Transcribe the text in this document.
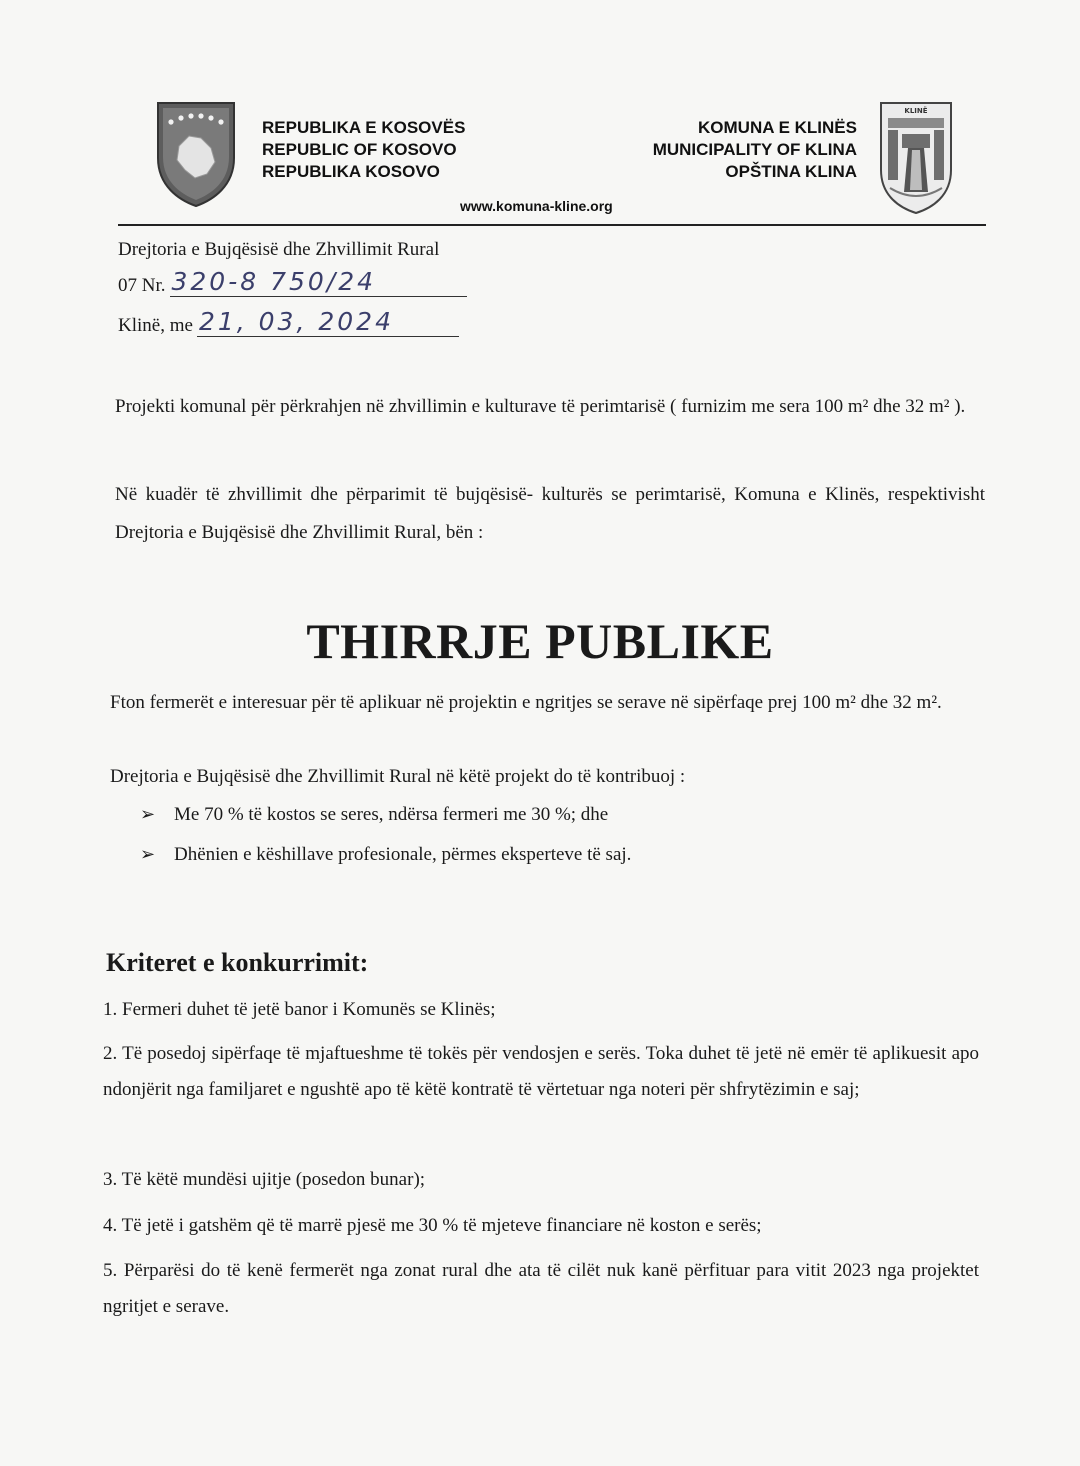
REPUBLIKA E KOSOVËS
REPUBLIC OF KOSOVO
REPUBLIKA KOSOVO
KOMUNA E KLINËS
MUNICIPALITY OF KLINA
OPŠTINA KLINA
KLINË
www.komuna-kline.org
Drejtoria e Bujqësisë dhe Zhvillimit Rural
07 Nr. 320-8 750/24
Klinë, me 21, 03, 2024
Projekti komunal për përkrahjen në zhvillimin e kulturave të perimtarisë ( furnizim me sera 100 m² dhe 32 m² ).
Në kuadër të zhvillimit dhe përparimit të bujqësisë- kulturës se perimtarisë, Komuna e Klinës, respektivisht Drejtoria e Bujqësisë dhe Zhvillimit Rural, bën :
THIRRJE PUBLIKE
Fton fermerët e interesuar për të aplikuar në projektin e ngritjes se serave në sipërfaqe prej 100 m² dhe 32 m².
Drejtoria e Bujqësisë dhe Zhvillimit Rural në këtë projekt do të kontribuoj :
➢ Me 70 % të kostos se seres, ndërsa fermeri me 30 %; dhe
➢ Dhënien e këshillave profesionale, përmes eksperteve të saj.
Kriteret e konkurrimit:
1. Fermeri duhet të jetë banor i Komunës se Klinës;
2. Të posedoj sipërfaqe të mjaftueshme të tokës për vendosjen e serës. Toka duhet të jetë në emër të aplikuesit apo ndonjërit nga familjaret e ngushtë apo të këtë kontratë të vërtetuar nga noteri për shfrytëzimin e saj;
3. Të këtë mundësi ujitje (posedon bunar);
4. Të jetë i gatshëm që të marrë pjesë me 30 % të mjeteve financiare në koston e serës;
5. Përparësi do të kenë fermerët nga zonat rural dhe ata të cilët nuk kanë përfituar para vitit 2023 nga projektet ngritjet e serave.
